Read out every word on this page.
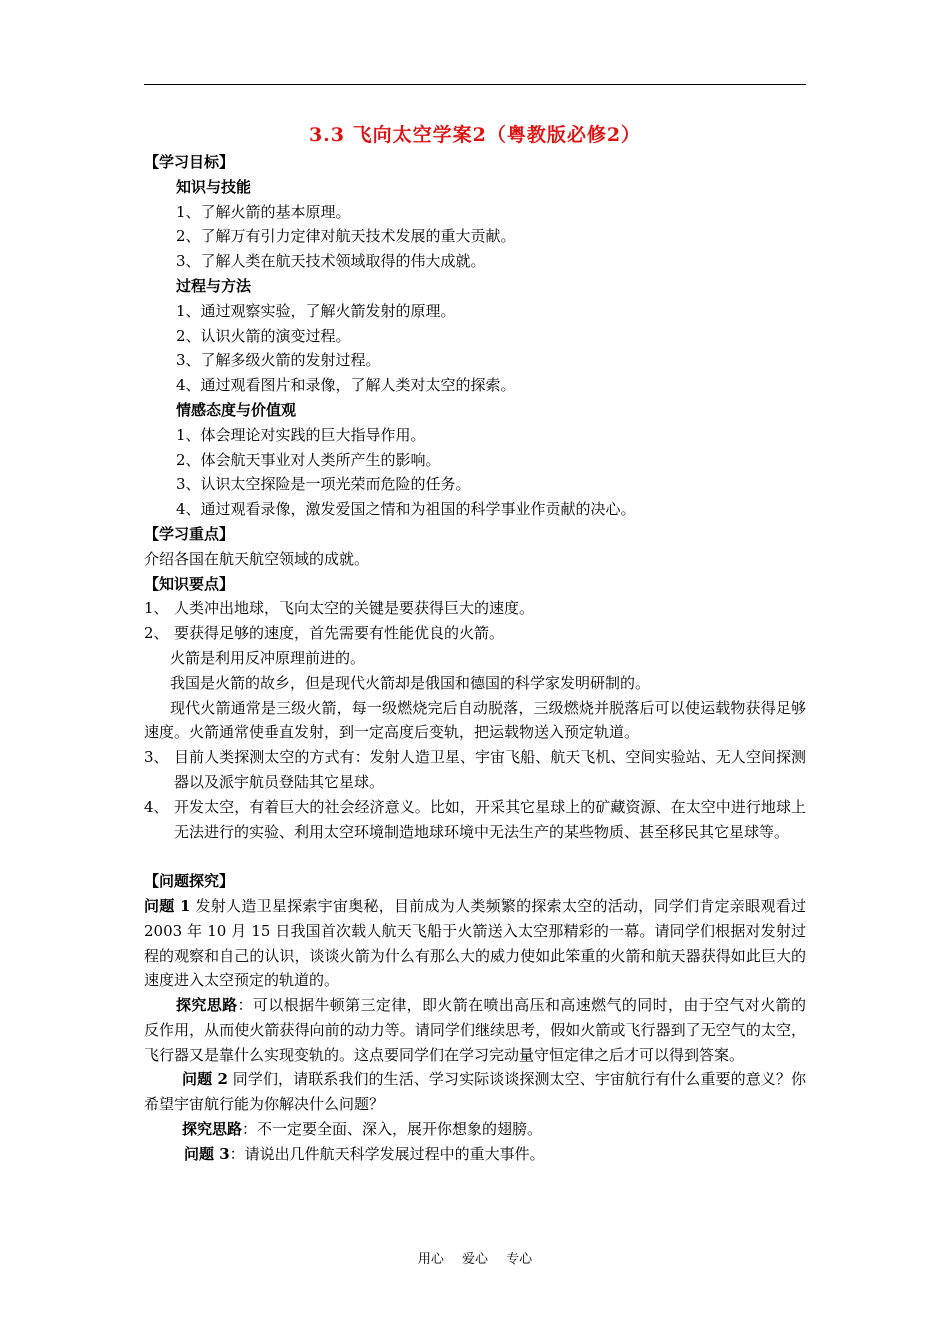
3.3 飞向太空学案2（粤教版必修2）
【学习目标】
知识与技能
1、了解火箭的基本原理。
2、了解万有引力定律对航天技术发展的重大贡献。
3、了解人类在航天技术领域取得的伟大成就。
过程与方法
1、通过观察实验，了解火箭发射的原理。
2、认识火箭的演变过程。
3、了解多级火箭的发射过程。
4、通过观看图片和录像，了解人类对太空的探索。
情感态度与价值观
1、体会理论对实践的巨大指导作用。
2、体会航天事业对人类所产生的影响。
3、认识太空探险是一项光荣而危险的任务。
4、通过观看录像，激发爱国之情和为祖国的科学事业作贡献的决心。
【学习重点】
介绍各国在航天航空领域的成就。
【知识要点】
1、 人类冲出地球，飞向太空的关键是要获得巨大的速度。
2、 要获得足够的速度，首先需要有性能优良的火箭。
火箭是利用反冲原理前进的。
我国是火箭的故乡，但是现代火箭却是俄国和德国的科学家发明研制的。
现代火箭通常是三级火箭，每一级燃烧完后自动脱落，三级燃烧并脱落后可以使运载物获得足够速度。火箭通常使垂直发射，到一定高度后变轨，把运载物送入预定轨道。
3、 目前人类探测太空的方式有：发射人造卫星、宇宙飞船、航天飞机、空间实验站、无人空间探测器以及派宇航员登陆其它星球。
4、 开发太空，有着巨大的社会经济意义。比如，开采其它星球上的矿藏资源、在太空中进行地球上无法进行的实验、利用太空环境制造地球环境中无法生产的某些物质、甚至移民其它星球等。
【问题探究】
问题 1 发射人造卫星探索宇宙奥秘，目前成为人类频繁的探索太空的活动，同学们肯定亲眼观看过 2003 年 10 月 15 日我国首次载人航天飞船于火箭送入太空那精彩的一幕。请同学们根据对发射过程的观察和自己的认识，谈谈火箭为什么有那么大的威力使如此笨重的火箭和航天器获得如此巨大的速度进入太空预定的轨道的。
探究思路：可以根据牛顿第三定律，即火箭在喷出高压和高速燃气的同时，由于空气对火箭的反作用，从而使火箭获得向前的动力等。请同学们继续思考，假如火箭或飞行器到了无空气的太空，飞行器又是靠什么实现变轨的。这点要同学们在学习完动量守恒定律之后才可以得到答案。
问题 2 同学们，请联系我们的生活、学习实际谈谈探测太空、宇宙航行有什么重要的意义？你希望宇宙航行能为你解决什么问题？
探究思路：不一定要全面、深入，展开你想象的翅膀。
问题 3：请说出几件航天科学发展过程中的重大事件。
用心 爱心 专心
